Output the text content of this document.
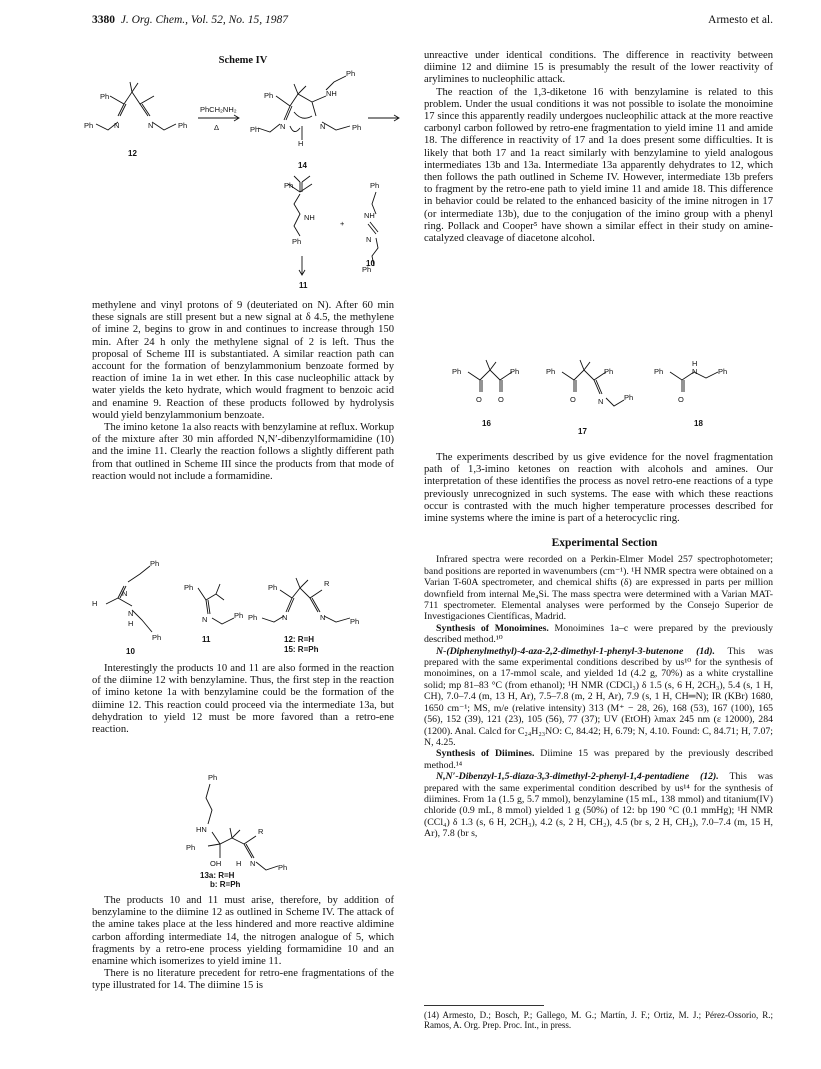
3380 J. Org. Chem., Vol. 52, No. 15, 1987	Armesto et al.
Scheme IV
Ph
Ph	N	N	Ph
12
PhCH₂NH₂
Δ
Ph
Ph	N	N	Ph
NH
Ph
H
14
Ph
NH
Ph
11
+
Ph
NH
N
Ph
10

methylene and vinyl protons of 9 (deuteriated on N). After 60 min these signals are still present but a new signal at δ 4.5, the methylene of imine 2, begins to grow in and continues to increase through 150 min. After 24 h only the methylene signal of 2 is left. Thus the proposal of Scheme III is substantiated. A similar reaction path can account for the formation of benzylammonium benzoate formed by reaction of imine 1a in wet ether. In this case nucleophilic attack by water yields the keto hydrate, which would fragment to benzoic acid and enamine 9. Reaction of these products followed by hydrolysis would yield benzylammonium benzoate.

The imino ketone 1a also reacts with benzylamine at reflux. Workup of the mixture after 30 min afforded N,N′-dibenzylformamidine (10) and the imine 11. Clearly the reaction follows a slightly different path from that outlined in Scheme III since the products from that mode of reaction would not include a formamidine.

Ph
N
H
N
H
Ph
10
Ph
N	Ph
11
Ph	R
Ph	N	N	Ph
12: R=H
15: R=Ph

Interestingly the products 10 and 11 are also formed in the reaction of the diimine 12 with benzylamine. Thus, the first step in the reaction of imino ketone 1a with benzylamine could be the formation of the diimine 12. This reaction could proceed via the intermediate 13a, but dehydration to yield 12 must be more favored than a retro-ene reaction.

Ph
HN
Ph
OH
R
N
H	Ph
13a: R=H
b: R=Ph

The products 10 and 11 must arise, therefore, by addition of benzylamine to the diimine 12 as outlined in Scheme IV. The attack of the amine takes place at the less hindered and more reactive aldimine carbon affording intermediate 14, the nitrogen analogue of 5, which fragments by a retro-ene process yielding formamidine 10 and an enamine which isomerizes to yield imine 11.

There is no literature precedent for retro-ene fragmentations of the type illustrated for 14. The diimine 15 is

unreactive under identical conditions. The difference in reactivity between diimine 12 and diimine 15 is presumably the result of the lower reactivity of arylimines to nucleophilic attack.

The reaction of the 1,3-diketone 16 with benzylamine is related to this problem. Under the usual conditions it was not possible to isolate the monoimine 17 since this apparently readily undergoes nucleophilic attack at the more reactive carbonyl carbon followed by retro-ene fragmentation to yield imine 11 and amide 18. The difference in reactivity of 17 and 1a does present some difficulties. It is likely that both 17 and 1a react similarly with benzylamine to yield analogous intermediates 13b and 13a. Intermediate 13a apparently dehydrates to 12, which then follows the path outlined in Scheme IV. However, intermediate 13b prefers to fragment by the retro-ene path to yield imine 11 and amide 18. This difference in behavior could be related to the enhanced basicity of the imine nitrogen in 17 (or intermediate 13b), due to the conjugation of the imino group with a phenyl ring. Pollack and Cooper⁵ have shown a similar effect in their study on amine-catalyzed cleavage of diacetone alcohol.

Ph	Ph
O O
16
Ph	Ph
O	N	Ph
17
Ph
H
N	Ph
O
18

The experiments described by us give evidence for the novel fragmentation path of 1,3-imino ketones on reaction with alcohols and amines. Our interpretation of these identifies the process as novel retro-ene reactions of a type previously unrecognized in such systems. The ease with which these reactions occur is contrasted with the much higher temperature processes described for imine systems where the imine is part of a heterocyclic ring.

Experimental Section

Infrared spectra were recorded on a Perkin-Elmer Model 257 spectrophotometer; band positions are reported in wavenumbers (cm⁻¹). ¹H NMR spectra were obtained on a Varian T-60A spectrometer, and chemical shifts (δ) are expressed in parts per million downfield from internal Me₄Si. The mass spectra were determined with a Varian MAT-711 spectrometer. Elemental analyses were performed by the Consejo Superior de Investigaciones Científicas, Madrid.

Synthesis of Monoimines. Monoimines 1a–c were prepared by the previously described method.¹⁰

N-(Diphenylmethyl)-4-aza-2,2-dimethyl-1-phenyl-3-butenone (1d). This was prepared with the same experimental conditions described by us¹⁰ for the synthesis of monoimines, on a 17-mmol scale, and yielded 1d (4.2 g, 70%) as a white crystalline solid; mp 81–83 °C (from ethanol); ¹H NMR (CDCl₃) δ 1.5 (s, 6 H, 2CH₃), 5.4 (s, 1 H, CH), 7.0–7.4 (m, 13 H, Ar), 7.5–7.8 (m, 2 H, Ar), 7.9 (s, 1 H, CH═N); IR (KBr) 1680, 1650 cm⁻¹; MS, m/e (relative intensity) 313 (M⁺ − 28, 26), 168 (53), 167 (100), 165 (56), 152 (39), 121 (23), 105 (56), 77 (37); UV (EtOH) λmax 245 nm (ε 12000), 284 (1200). Anal. Calcd for C₂₄H₂₃NO: C, 84.42; H, 6.79; N, 4.10. Found: C, 84.71; H, 7.07; N, 4.25.

Synthesis of Diimines. Diimine 15 was prepared by the previously described method.¹⁴

N,N′-Dibenzyl-1,5-diaza-3,3-dimethyl-2-phenyl-1,4-pentadiene (12). This was prepared with the same experimental condition described by us¹⁴ for the synthesis of diimines. From 1a (1.5 g, 5.7 mmol), benzylamine (15 mL, 138 mmol) and titanium(IV) chloride (0.9 mL, 8 mmol) yielded 1 g (50%) of 12: bp 190 °C (0.1 mmHg); ¹H NMR (CCl₄) δ 1.3 (s, 6 H, 2CH₃), 4.2 (s, 2 H, CH₂), 4.5 (br s, 2 H, CH₂), 7.0–7.4 (m, 15 H, Ar), 7.8 (br s,

(14) Armesto, D.; Bosch, P.; Gallego, M. G.; Martín, J. F.; Ortiz, M. J.; Pérez-Ossorio, R.; Ramos, A. Org. Prep. Proc. Int., in press.
